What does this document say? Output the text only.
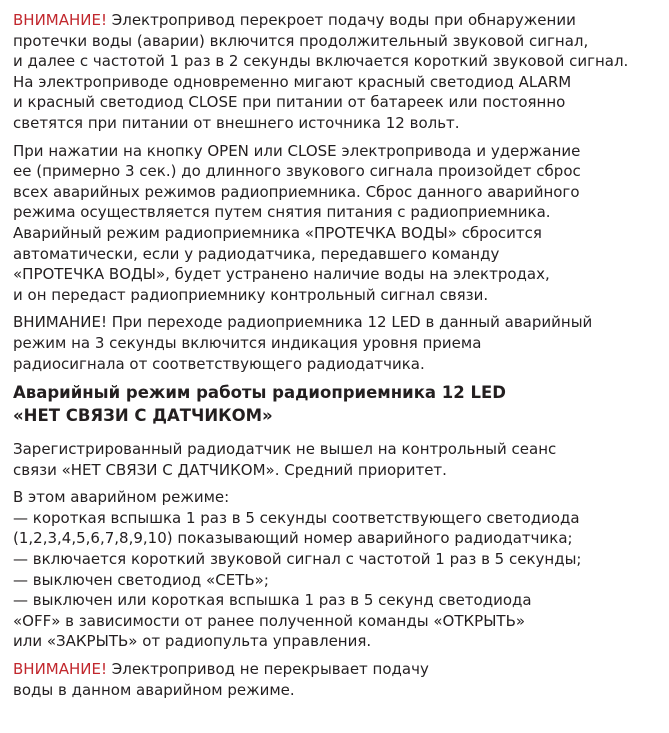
ВНИМАНИЕ! Электропривод перекроет подачу воды при обнаружении
протечки воды (аварии) включится продолжительный звуковой сигнал,
и далее с частотой 1 раз в 2 секунды включается короткий звуковой сигнал.
На электроприводе одновременно мигают красный светодиод ALARM
и красный светодиод CLOSE при питании от батареек или постоянно
светятся при питании от внешнего источника 12 вольт.
При нажатии на кнопку OPEN или CLOSE электропривода и удержание
ее (примерно 3 сек.) до длинного звукового сигнала произойдет сброс
всех аварийных режимов радиоприемника. Сброс данного аварийного
режима осуществляется путем снятия питания с радиоприемника.
Аварийный режим радиоприемника «ПРОТЕЧКА ВОДЫ» сбросится
автоматически, если у радиодатчика, передавшего команду
«ПРОТЕЧКА ВОДЫ», будет устранено наличие воды на электродах,
и он передаст радиоприемнику контрольный сигнал связи.
ВНИМАНИЕ! При переходе радиоприемника 12 LED в данный аварийный
режим на 3 секунды включится индикация уровня приема
радиосигнала от соответствующего радиодатчика.
Аварийный режим работы радиоприемника 12 LED
«НЕТ СВЯЗИ С ДАТЧИКОМ»
Зарегистрированный радиодатчик не вышел на контрольный сеанс
связи «НЕТ СВЯЗИ С ДАТЧИКОМ». Средний приоритет.
В этом аварийном режиме:
— короткая вспышка 1 раз в 5 секунды соответствующего светодиода
(1,2,3,4,5,6,7,8,9,10) показывающий номер аварийного радиодатчика;
— включается короткий звуковой сигнал с частотой 1 раз в 5 секунды;
— выключен светодиод «СЕТЬ»;
— выключен или короткая вспышка 1 раз в 5 секунд светодиода
«OFF» в зависимости от ранее полученной команды «ОТКРЫТЬ»
или «ЗАКРЫТЬ» от радиопульта управления.
ВНИМАНИЕ! Электропривод не перекрывает подачу
воды в данном аварийном режиме.
